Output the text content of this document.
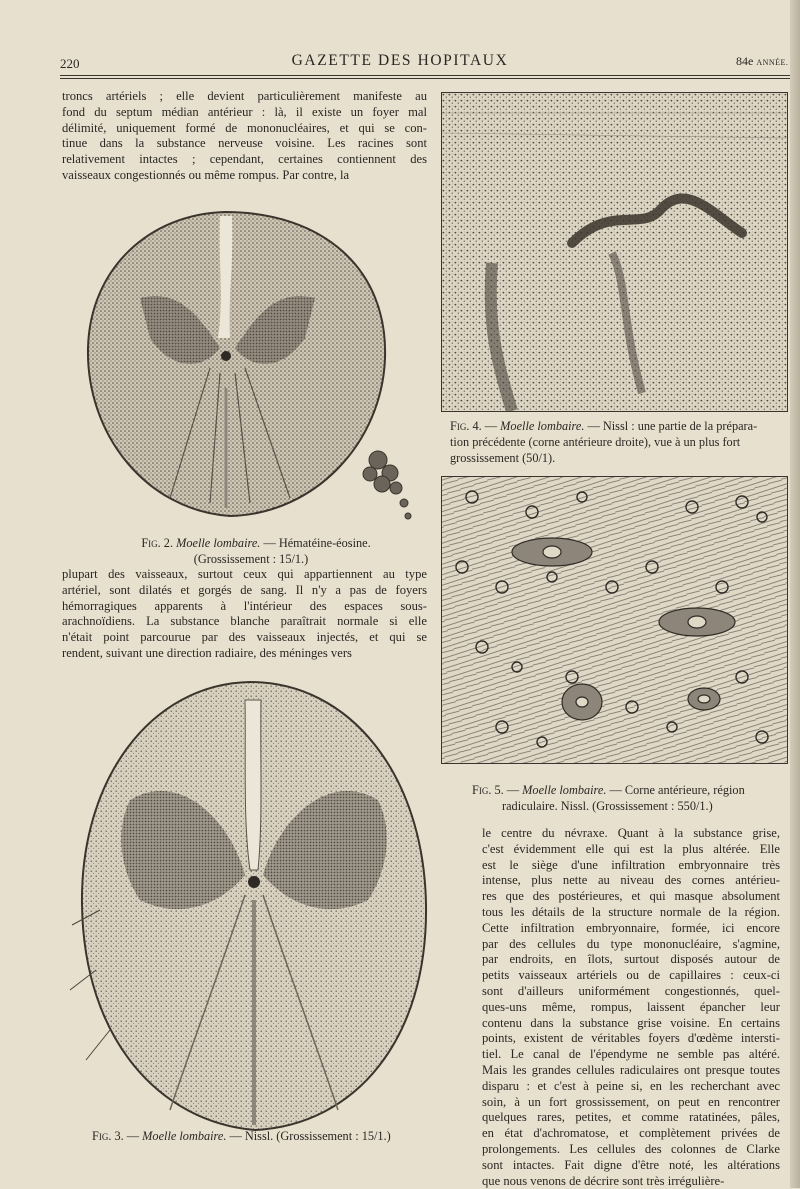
220	GAZETTE DES HOPITAUX	84e ANNÉE.
troncs artériels ; elle devient particulièrement manifeste au
fond du septum médian antérieur : là, il existe un foyer mal
délimité, uniquement formé de mononucléaires, et qui se con-
tinue dans la substance nerveuse voisine. Les racines sont
relativement intactes ; cependant, certaines contiennent des
vaisseaux congestionnés ou même rompus. Par contre, la
Fig. 2. Moelle lombaire. — Hématéine-éosine.
(Grossissement : 15/1.)
plupart des vaisseaux, surtout ceux qui appartiennent au type
artériel, sont dilatés et gorgés de sang. Il n'y a pas de foyers
hémorragiques apparents à l'intérieur des espaces sous-
arachnoïdiens. La substance blanche paraîtrait normale si elle
n'était point parcourue par des vaisseaux injectés, et qui se
rendent, suivant une direction radiaire, des méninges vers
Fig. 3. — Moelle lombaire. — Nissl. (Grossissement : 15/1.)
Fig. 4. — Moelle lombaire. — Nissl : une partie de la prépara-
tion précédente (corne antérieure droite), vue à un plus fort
grossissement (50/1).
Fig. 5. — Moelle lombaire. — Corne antérieure, région
radiculaire. Nissl. (Grossissement : 550/1.)
le centre du névraxe. Quant à la substance grise,
c'est évidemment elle qui est la plus altérée. Elle
est le siège d'une infiltration embryonnaire très
intense, plus nette au niveau des cornes antérieu-
res que des postérieures, et qui masque absolument
tous les détails de la structure normale de la région.
Cette infiltration embryonnaire, formée, ici encore
par des cellules du type mononucléaire, s'agmine,
par endroits, en îlots, surtout disposés autour de
petits vaisseaux artériels ou de capillaires : ceux-ci
sont d'ailleurs uniformément congestionnés, quel-
ques-uns même, rompus, laissent épancher leur
contenu dans la substance grise voisine. En certains
points, existent de véritables foyers d'œdème intersti-
tiel. Le canal de l'épendyme ne semble pas altéré.
Mais les grandes cellules radiculaires ont presque toutes
disparu : et c'est à peine si, en les recherchant avec
soin, à un fort grossissement, on peut en rencontrer
quelques rares, petites, et comme ratatinées, pâles,
en état d'achromatose, et complètement privées de
prolongements. Les cellules des colonnes de Clarke
sont intactes. Fait digne d'être noté, les altérations
que nous venons de décrire sont très irrégulière-
